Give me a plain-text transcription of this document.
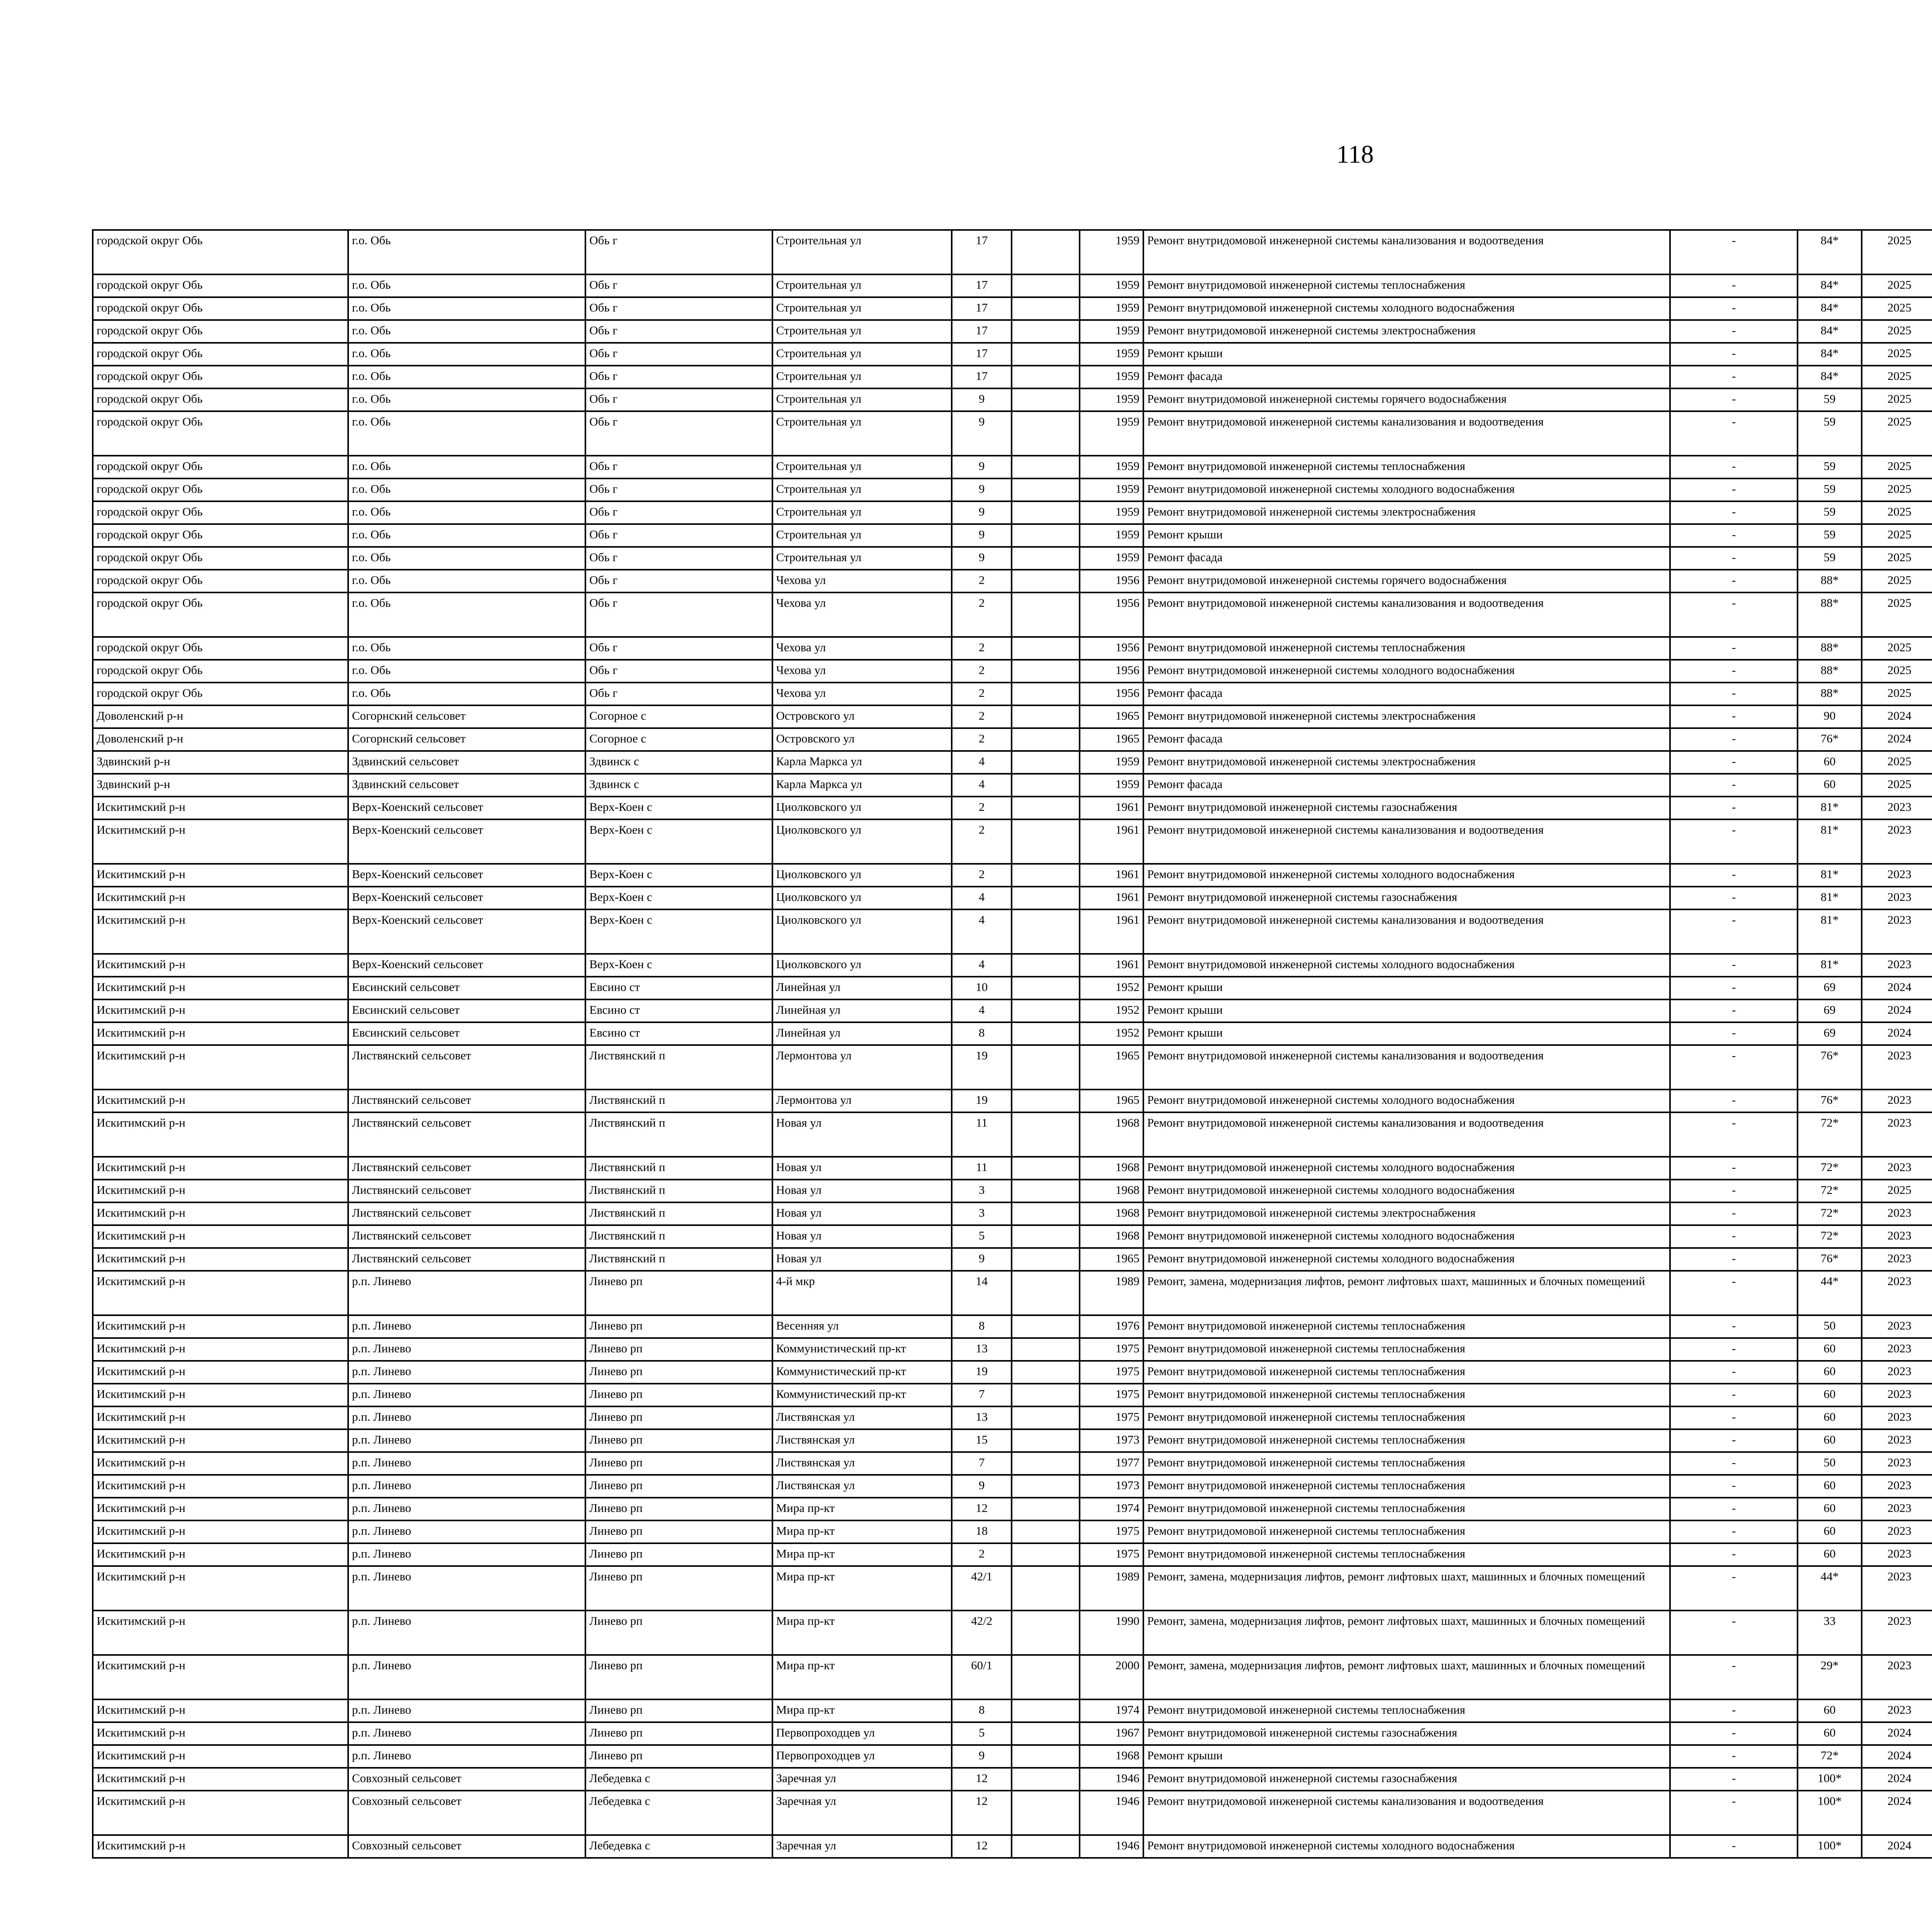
118
городской округ Обь	г.о. Обь	Обь г	Строительная ул	17		1959	Ремонт внутридомовой инженерной системы канализования и водоотведения	-	84*	2025							
городской округ Обь	г.о. Обь	Обь г	Строительная ул	17		1959	Ремонт внутридомовой инженерной системы теплоснабжения	-	84*	2025							
городской округ Обь	г.о. Обь	Обь г	Строительная ул	17		1959	Ремонт внутридомовой инженерной системы холодного водоснабжения	-	84*	2025							
городской округ Обь	г.о. Обь	Обь г	Строительная ул	17		1959	Ремонт внутридомовой инженерной системы электроснабжения	-	84*	2025							
городской округ Обь	г.о. Обь	Обь г	Строительная ул	17		1959	Ремонт крыши	-	84*	2025							
городской округ Обь	г.о. Обь	Обь г	Строительная ул	17		1959	Ремонт фасада	-	84*	2025							
городской округ Обь	г.о. Обь	Обь г	Строительная ул	9		1959	Ремонт внутридомовой инженерной системы горячего водоснабжения	-	59	2025							
городской округ Обь	г.о. Обь	Обь г	Строительная ул	9		1959	Ремонт внутридомовой инженерной системы канализования и водоотведения	-	59	2025							
городской округ Обь	г.о. Обь	Обь г	Строительная ул	9		1959	Ремонт внутридомовой инженерной системы теплоснабжения	-	59	2025							
городской округ Обь	г.о. Обь	Обь г	Строительная ул	9		1959	Ремонт внутридомовой инженерной системы холодного водоснабжения	-	59	2025							
городской округ Обь	г.о. Обь	Обь г	Строительная ул	9		1959	Ремонт внутридомовой инженерной системы электроснабжения	-	59	2025							
городской округ Обь	г.о. Обь	Обь г	Строительная ул	9		1959	Ремонт крыши	-	59	2025							
городской округ Обь	г.о. Обь	Обь г	Строительная ул	9		1959	Ремонт фасада	-	59	2025							
городской округ Обь	г.о. Обь	Обь г	Чехова ул	2		1956	Ремонт внутридомовой инженерной системы горячего водоснабжения	-	88*	2025							
городской округ Обь	г.о. Обь	Обь г	Чехова ул	2		1956	Ремонт внутридомовой инженерной системы канализования и водоотведения	-	88*	2025							
городской округ Обь	г.о. Обь	Обь г	Чехова ул	2		1956	Ремонт внутридомовой инженерной системы теплоснабжения	-	88*	2025							
городской округ Обь	г.о. Обь	Обь г	Чехова ул	2		1956	Ремонт внутридомовой инженерной системы холодного водоснабжения	-	88*	2025							
городской округ Обь	г.о. Обь	Обь г	Чехова ул	2		1956	Ремонт фасада	-	88*	2025							
Доволенский р-н	Согорнский сельсовет	Согорное с	Островского ул	2		1965	Ремонт внутридомовой инженерной системы электроснабжения	-	90	2024							
Доволенский р-н	Согорнский сельсовет	Согорное с	Островского ул	2		1965	Ремонт фасада	-	76*	2024							
Здвинский р-н	Здвинский сельсовет	Здвинск с	Карла Маркса ул	4		1959	Ремонт внутридомовой инженерной системы электроснабжения	-	60	2025							
Здвинский р-н	Здвинский сельсовет	Здвинск с	Карла Маркса ул	4		1959	Ремонт фасада	-	60	2025							
Искитимский р-н	Верх-Коенский сельсовет	Верх-Коен с	Циолковского ул	2		1961	Ремонт внутридомовой инженерной системы газоснабжения	-	81*	2023							
Искитимский р-н	Верх-Коенский сельсовет	Верх-Коен с	Циолковского ул	2		1961	Ремонт внутридомовой инженерной системы канализования и водоотведения	-	81*	2023							
Искитимский р-н	Верх-Коенский сельсовет	Верх-Коен с	Циолковского ул	2		1961	Ремонт внутридомовой инженерной системы холодного водоснабжения	-	81*	2023							
Искитимский р-н	Верх-Коенский сельсовет	Верх-Коен с	Циолковского ул	4		1961	Ремонт внутридомовой инженерной системы газоснабжения	-	81*	2023							
Искитимский р-н	Верх-Коенский сельсовет	Верх-Коен с	Циолковского ул	4		1961	Ремонт внутридомовой инженерной системы канализования и водоотведения	-	81*	2023							
Искитимский р-н	Верх-Коенский сельсовет	Верх-Коен с	Циолковского ул	4		1961	Ремонт внутридомовой инженерной системы холодного водоснабжения	-	81*	2023							
Искитимский р-н	Евсинский сельсовет	Евсино ст	Линейная ул	10		1952	Ремонт крыши	-	69	2024							
Искитимский р-н	Евсинский сельсовет	Евсино ст	Линейная ул	4		1952	Ремонт крыши	-	69	2024							
Искитимский р-н	Евсинский сельсовет	Евсино ст	Линейная ул	8		1952	Ремонт крыши	-	69	2024							
Искитимский р-н	Листвянский сельсовет	Листвянский п	Лермонтова ул	19		1965	Ремонт внутридомовой инженерной системы канализования и водоотведения	-	76*	2023							
Искитимский р-н	Листвянский сельсовет	Листвянский п	Лермонтова ул	19		1965	Ремонт внутридомовой инженерной системы холодного водоснабжения	-	76*	2023							
Искитимский р-н	Листвянский сельсовет	Листвянский п	Новая ул	11		1968	Ремонт внутридомовой инженерной системы канализования и водоотведения	-	72*	2023							
Искитимский р-н	Листвянский сельсовет	Листвянский п	Новая ул	11		1968	Ремонт внутридомовой инженерной системы холодного водоснабжения	-	72*	2023							
Искитимский р-н	Листвянский сельсовет	Листвянский п	Новая ул	3		1968	Ремонт внутридомовой инженерной системы холодного водоснабжения	-	72*	2025							
Искитимский р-н	Листвянский сельсовет	Листвянский п	Новая ул	3		1968	Ремонт внутридомовой инженерной системы электроснабжения	-	72*	2023							
Искитимский р-н	Листвянский сельсовет	Листвянский п	Новая ул	5		1968	Ремонт внутридомовой инженерной системы холодного водоснабжения	-	72*	2023							
Искитимский р-н	Листвянский сельсовет	Листвянский п	Новая ул	9		1965	Ремонт внутридомовой инженерной системы холодного водоснабжения	-	76*	2023							
Искитимский р-н	р.п. Линево	Линево рп	4-й мкр	14		1989	Ремонт, замена, модернизация лифтов, ремонт лифтовых шахт, машинных и блочных помещений	-	44*	2023							
Искитимский р-н	р.п. Линево	Линево рп	Весенняя ул	8		1976	Ремонт внутридомовой инженерной системы теплоснабжения	-	50	2023							
Искитимский р-н	р.п. Линево	Линево рп	Коммунистический пр-кт	13		1975	Ремонт внутридомовой инженерной системы теплоснабжения	-	60	2023							
Искитимский р-н	р.п. Линево	Линево рп	Коммунистический пр-кт	19		1975	Ремонт внутридомовой инженерной системы теплоснабжения	-	60	2023							
Искитимский р-н	р.п. Линево	Линево рп	Коммунистический пр-кт	7		1975	Ремонт внутридомовой инженерной системы теплоснабжения	-	60	2023							
Искитимский р-н	р.п. Линево	Линево рп	Листвянская ул	13		1975	Ремонт внутридомовой инженерной системы теплоснабжения	-	60	2023							
Искитимский р-н	р.п. Линево	Линево рп	Листвянская ул	15		1973	Ремонт внутридомовой инженерной системы теплоснабжения	-	60	2023							
Искитимский р-н	р.п. Линево	Линево рп	Листвянская ул	7		1977	Ремонт внутридомовой инженерной системы теплоснабжения	-	50	2023							
Искитимский р-н	р.п. Линево	Линево рп	Листвянская ул	9		1973	Ремонт внутридомовой инженерной системы теплоснабжения	-	60	2023							
Искитимский р-н	р.п. Линево	Линево рп	Мира пр-кт	12		1974	Ремонт внутридомовой инженерной системы теплоснабжения	-	60	2023							
Искитимский р-н	р.п. Линево	Линево рп	Мира пр-кт	18		1975	Ремонт внутридомовой инженерной системы теплоснабжения	-	60	2023							
Искитимский р-н	р.п. Линево	Линево рп	Мира пр-кт	2		1975	Ремонт внутридомовой инженерной системы теплоснабжения	-	60	2023							
Искитимский р-н	р.п. Линево	Линево рп	Мира пр-кт	42/1		1989	Ремонт, замена, модернизация лифтов, ремонт лифтовых шахт, машинных и блочных помещений	-	44*	2023							
Искитимский р-н	р.п. Линево	Линево рп	Мира пр-кт	42/2		1990	Ремонт, замена, модернизация лифтов, ремонт лифтовых шахт, машинных и блочных помещений	-	33	2023							
Искитимский р-н	р.п. Линево	Линево рп	Мира пр-кт	60/1		2000	Ремонт, замена, модернизация лифтов, ремонт лифтовых шахт, машинных и блочных помещений	-	29*	2023							
Искитимский р-н	р.п. Линево	Линево рп	Мира пр-кт	8		1974	Ремонт внутридомовой инженерной системы теплоснабжения	-	60	2023							
Искитимский р-н	р.п. Линево	Линево рп	Первопроходцев ул	5		1967	Ремонт внутридомовой инженерной системы газоснабжения	-	60	2024							
Искитимский р-н	р.п. Линево	Линево рп	Первопроходцев ул	9		1968	Ремонт крыши	-	72*	2024							
Искитимский р-н	Совхозный сельсовет	Лебедевка с	Заречная ул	12		1946	Ремонт внутридомовой инженерной системы газоснабжения	-	100*	2024							
Искитимский р-н	Совхозный сельсовет	Лебедевка с	Заречная ул	12		1946	Ремонт внутридомовой инженерной системы канализования и водоотведения	-	100*	2024							
Искитимский р-н	Совхозный сельсовет	Лебедевка с	Заречная ул	12		1946	Ремонт внутридомовой инженерной системы холодного водоснабжения	-	100*	2024							
